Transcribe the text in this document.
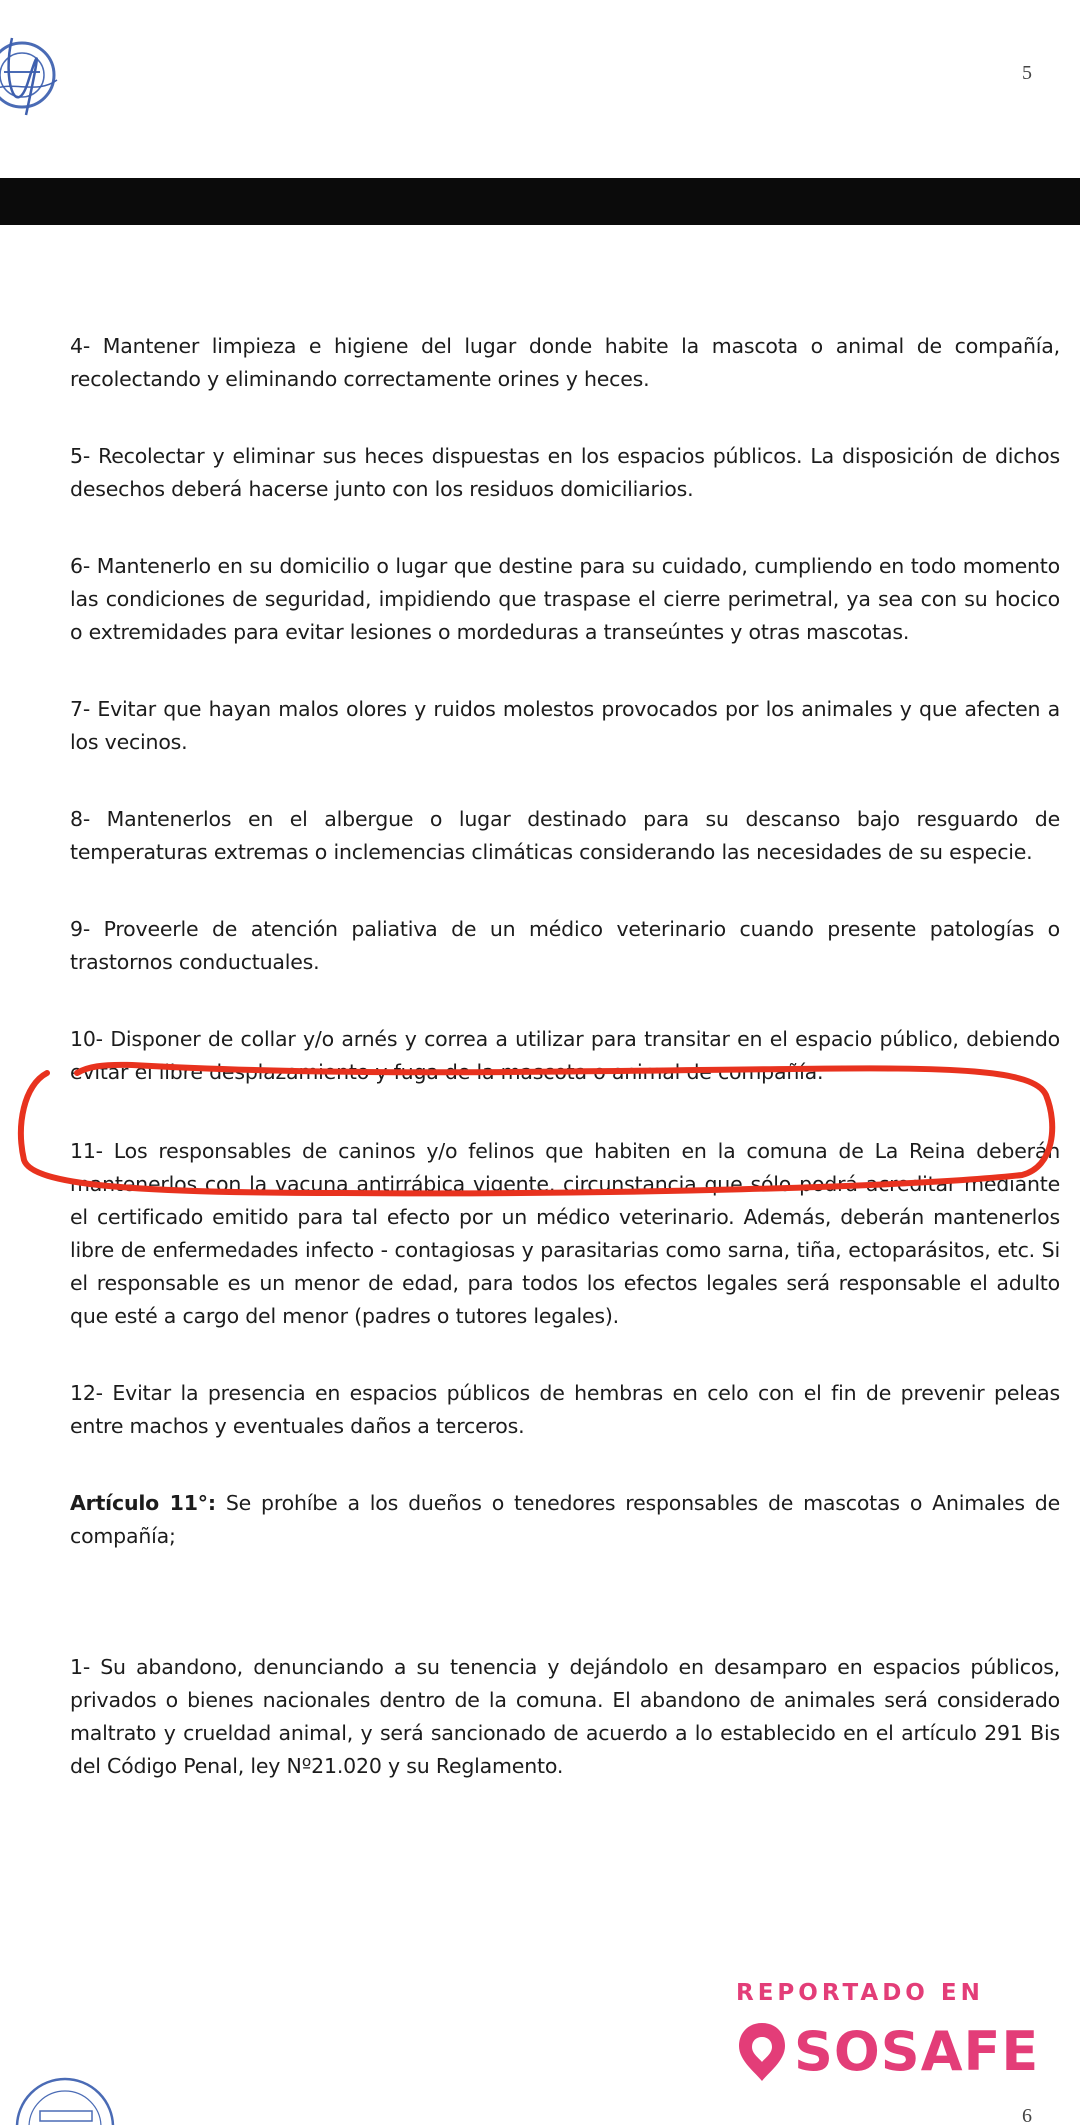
5

4- Mantener limpieza e higiene del lugar donde habite la mascota o animal de compañía, recolectando y eliminando correctamente orines y heces.

5- Recolectar y eliminar sus heces dispuestas en los espacios públicos. La disposición de dichos desechos deberá hacerse junto con los residuos domiciliarios.

6- Mantenerlo en su domicilio o lugar que destine para su cuidado, cumpliendo en todo momento las condiciones de seguridad, impidiendo que traspase el cierre perimetral, ya sea con su hocico o extremidades para evitar lesiones o mordeduras a transeúntes y otras mascotas.

7- Evitar que hayan malos olores y ruidos molestos provocados por los animales y que afecten a los vecinos.

8- Mantenerlos en el albergue o lugar destinado para su descanso bajo resguardo de temperaturas extremas o inclemencias climáticas considerando las necesidades de su especie.

9- Proveerle de atención paliativa de un médico veterinario cuando presente patologías o trastornos conductuales.

10- Disponer de collar y/o arnés y correa a utilizar para transitar en el espacio público, debiendo evitar el libre desplazamiento y fuga de la mascota o animal de compañía.

11- Los responsables de caninos y/o felinos que habiten en la comuna de La Reina deberán mantenerlos con la vacuna antirrábica vigente, circunstancia que sólo podrá acreditar mediante el certificado emitido para tal efecto por un médico veterinario. Además, deberán mantenerlos libre de enfermedades infecto - contagiosas y parasitarias como sarna, tiña, ectoparásitos, etc. Si el responsable es un menor de edad, para todos los efectos legales será responsable el adulto que esté a cargo del menor (padres o tutores legales).

12- Evitar la presencia en espacios públicos de hembras en celo con el fin de prevenir peleas entre machos y eventuales daños a terceros.

Artículo 11°: Se prohíbe a los dueños o tenedores responsables de mascotas o Animales de compañía;

1- Su abandono, denunciando a su tenencia y dejándolo en desamparo en espacios públicos, privados o bienes nacionales dentro de la comuna. El abandono de animales será considerado maltrato y crueldad animal, y será sancionado de acuerdo a lo establecido en el artículo 291 Bis del Código Penal, ley Nº21.020 y su Reglamento.

REPORTADO EN
SOSAFE
6
